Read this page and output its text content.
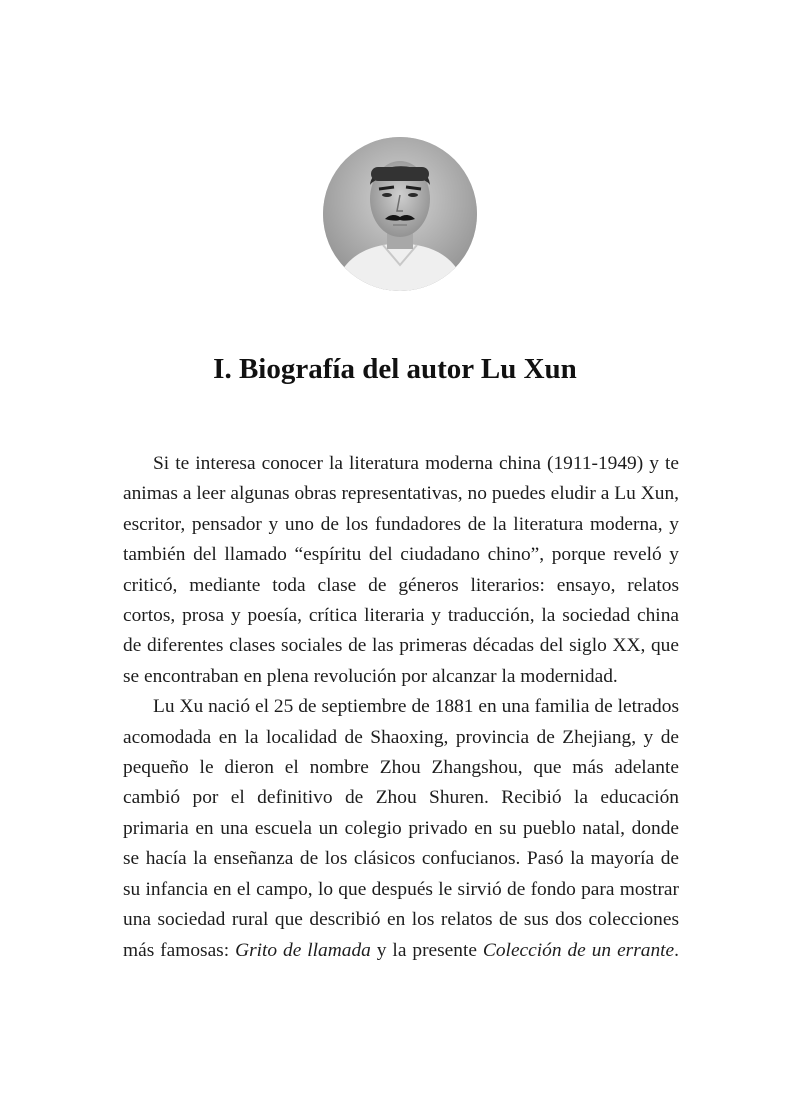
I. Biografía del autor Lu Xun

Si te interesa conocer la literatura moderna china (1911-1949) y te animas a leer algunas obras representativas, no puedes eludir a Lu Xun, escritor, pensador y uno de los fundadores de la literatura moderna, y también del llamado “espíritu del ciudadano chino”, porque reveló y criticó, mediante toda clase de géneros literarios: ensayo, relatos cortos, prosa y poesía, crítica literaria y traducción, la sociedad china de diferentes clases sociales de las primeras décadas del siglo XX, que se encontraban en plena revolución por alcanzar la modernidad.

Lu Xu nació el 25 de septiembre de 1881 en una familia de letrados acomodada en la localidad de Shaoxing, provincia de Zhejiang, y de pequeño le dieron el nombre Zhou Zhangshou, que más adelante cambió por el definitivo de Zhou Shuren. Recibió la educación primaria en una escuela un colegio privado en su pueblo natal, donde se hacía la enseñanza de los clásicos confucianos. Pasó la mayoría de su infancia en el campo, lo que después le sirvió de fondo para mostrar una sociedad rural que describió en los relatos de sus dos colecciones más famosas: Grito de llamada y la presente Colección de un errante.
